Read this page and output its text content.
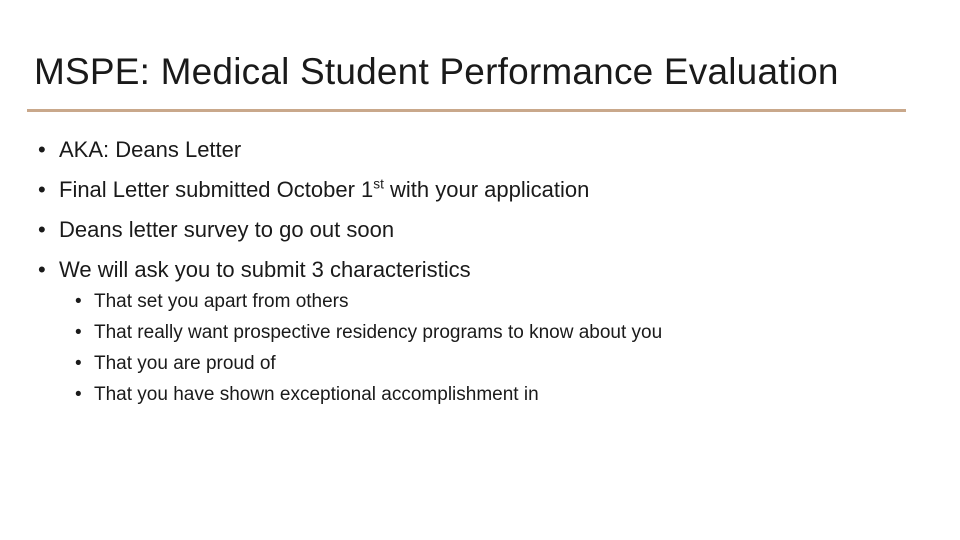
MSPE: Medical Student Performance Evaluation
• AKA: Deans Letter
• Final Letter submitted October 1st with your application
• Deans letter survey to go out soon
• We will ask you to submit 3 characteristics
• That set you apart from others
• That really want prospective residency programs to know about you
• That you are proud of
• That you have shown exceptional accomplishment in
